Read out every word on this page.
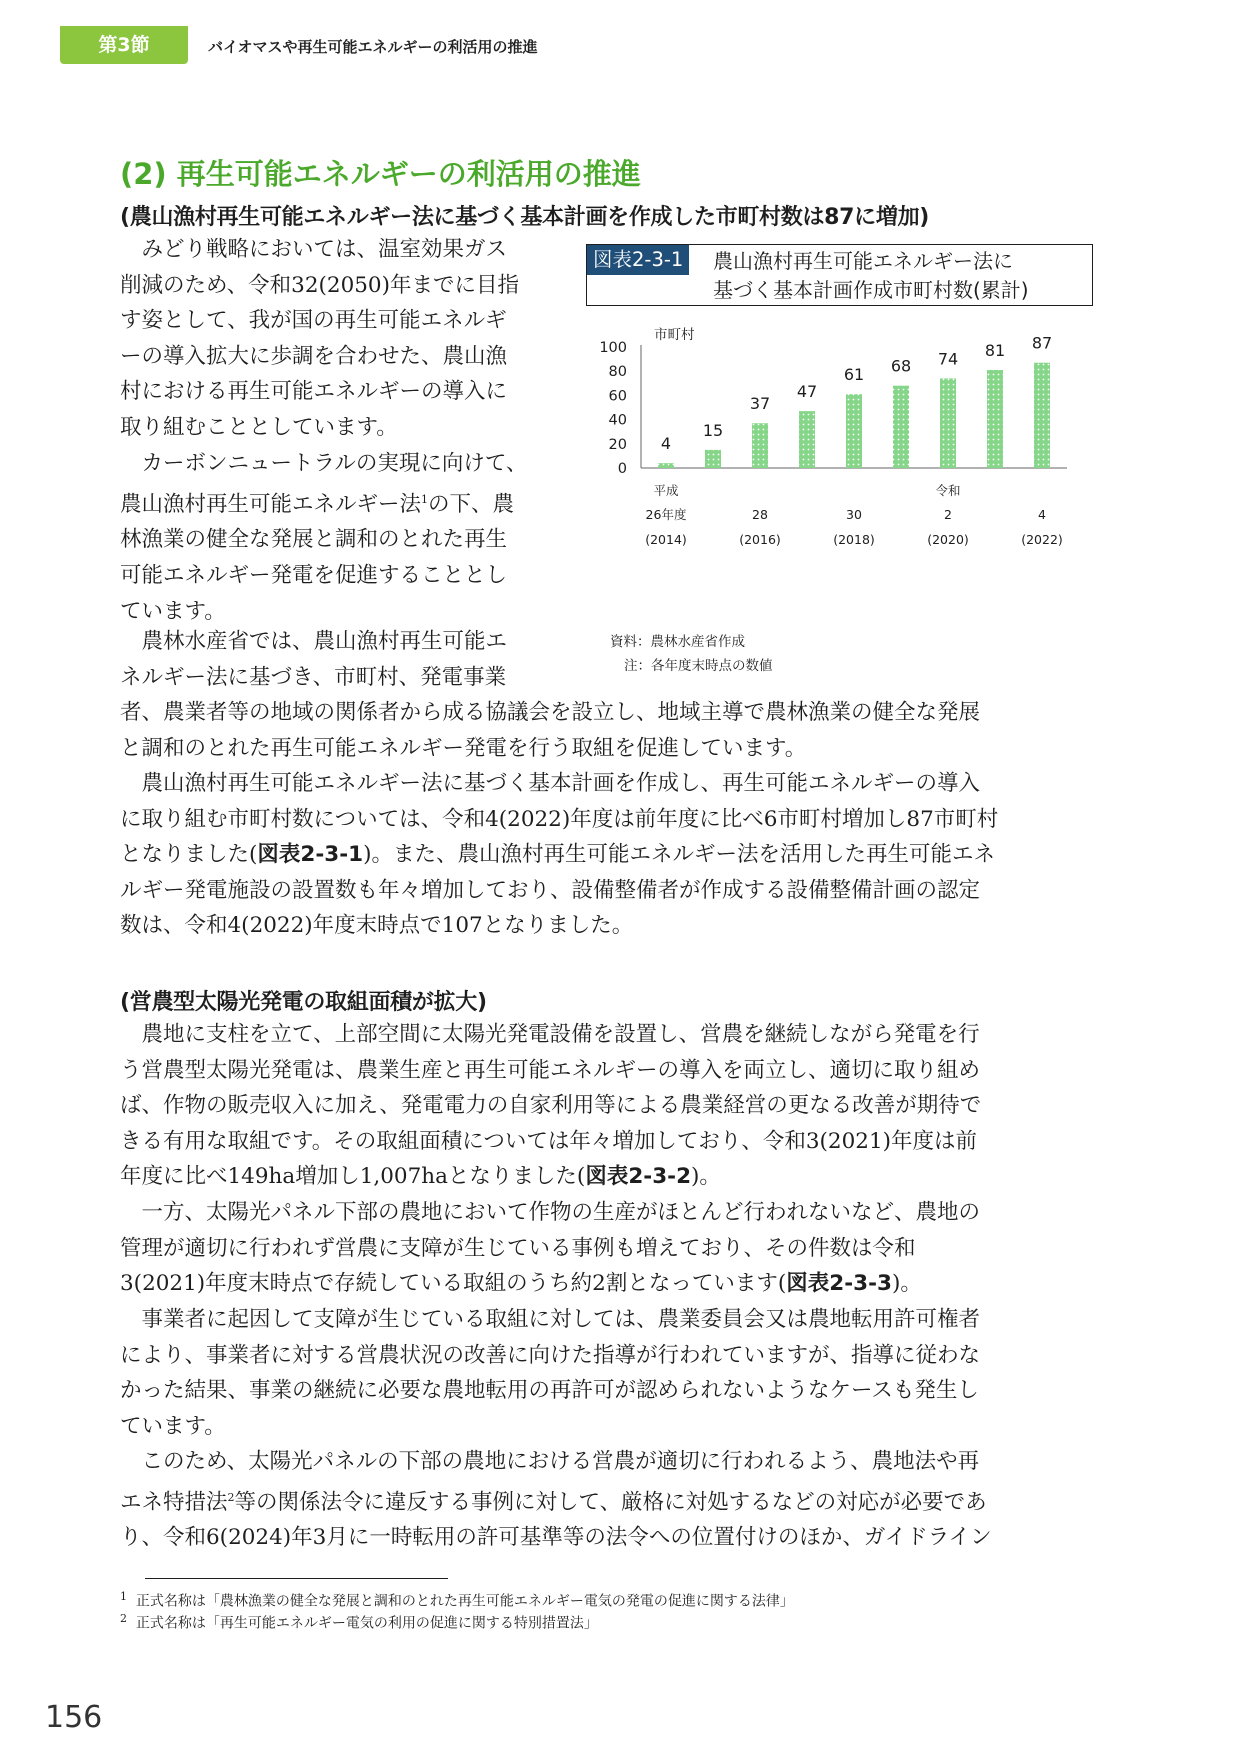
第3節	バイオマスや再生可能エネルギーの利活用の推進
(2) 再生可能エネルギーの利活用の推進
(農山漁村再生可能エネルギー法に基づく基本計画を作成した市町村数は87に増加)
　みどり戦略においては、温室効果ガス
削減のため、令和32(2050)年までに目指
す姿として、我が国の再生可能エネルギ
ーの導入拡大に歩調を合わせた、農山漁
村における再生可能エネルギーの導入に
取り組むこととしています。
　カーボンニュートラルの実現に向けて、
農山漁村再生可能エネルギー法$^1$の下、農
林漁業の健全な発展と調和のとれた再生
可能エネルギー発電を促進することとし
ています。
　農林水産省では、農山漁村再生可能エ
ネルギー法に基づき、市町村、発電事業
者、農業者等の地域の関係者から成る協議会を設立し、地域主導で農林漁業の健全な発展
と調和のとれた再生可能エネルギー発電を行う取組を促進しています。
　農山漁村再生可能エネルギー法に基づく基本計画を作成し、再生可能エネルギーの導入
に取り組む市町村数については、令和4(2022)年度は前年度に比べ6市町村増加し87市町村
となりました(図表2-3-1)。また、農山漁村再生可能エネルギー法を活用した再生可能エネ
ルギー発電施設の設置数も年々増加しており、設備整備者が作成する設備整備計画の認定
数は、令和4(2022)年度末時点で107となりました。
(営農型太陽光発電の取組面積が拡大)
　農地に支柱を立て、上部空間に太陽光発電設備を設置し、営農を継続しながら発電を行
う営農型太陽光発電は、農業生産と再生可能エネルギーの導入を両立し、適切に取り組め
ば、作物の販売収入に加え、発電電力の自家利用等による農業経営の更なる改善が期待で
きる有用な取組です。その取組面積については年々増加しており、令和3(2021)年度は前
年度に比べ149ha増加し1,007haとなりました(図表2-3-2)。
　一方、太陽光パネル下部の農地において作物の生産がほとんど行われないなど、農地の
管理が適切に行われず営農に支障が生じている事例も増えており、その件数は令和
3(2021)年度末時点で存続している取組のうち約2割となっています(図表2-3-3)。
　事業者に起因して支障が生じている取組に対しては、農業委員会又は農地転用許可権者
により、事業者に対する営農状況の改善に向けた指導が行われていますが、指導に従わな
かった結果、事業の継続に必要な農地転用の再許可が認められないようなケースも発生し
ています。
　このため、太陽光パネルの下部の農地における営農が適切に行われるよう、農地法や再
エネ特措法$^2$等の関係法令に違反する事例に対して、厳格に対処するなどの対応が必要であ
り、令和6(2024)年3月に一時転用の許可基準等の法令への位置付けのほか、ガイドライン
図表2-3-1	農山漁村再生可能エネルギー法に
基づく基本計画作成市町村数(累計)
市町村
0
20
40
60
80
100
4
15
37
47
61 68 74 81 87
平成
26年度
(2014)
28
(2016)
30
(2018)
令和
2
(2020)
4
(2022)
資料：農林水産省作成
注：各年度末時点の数値
$^1$ 正式名称は「農林漁業の健全な発展と調和のとれた再生可能エネルギー電気の発電の促進に関する法律」
$^2$ 正式名称は「再生可能エネルギー電気の利用の促進に関する特別措置法」
156
